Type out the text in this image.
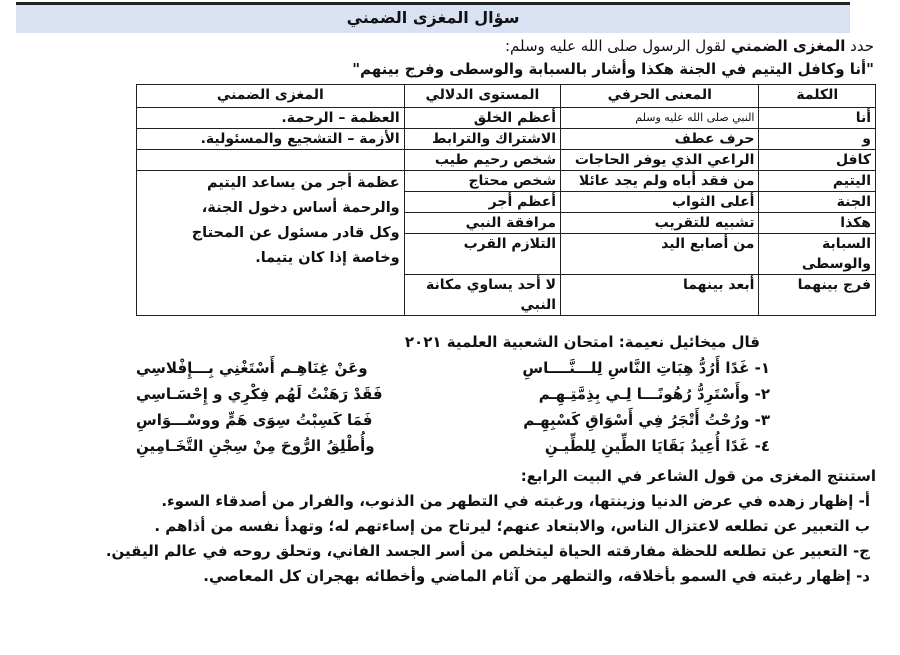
سؤال المغزى الضمني
حدد المغزى الضمني لقول الرسول صلى الله عليه وسلم:
"أنا وكافل اليتيم في الجنة هكذا وأشار بالسبابة والوسطى وفرج بينهم"
الكلمة	المعنى الحرفي	المستوى الدلالي	المغزى الضمني
أنا	النبي صلى الله عليه وسلم	أعظم الخلق	العظمة – الرحمة.
و	حرف عطف	الاشتراك والترابط	الأزمة – التشجيع والمسئولية.
كافل	الراعي الذي يوفر الحاجات	شخص رحيم طيب	
اليتيم	من فقد أباه ولم يجد عائلا	شخص محتاج	عظمة أجر من يساعد اليتيم
والرحمة أساس دخول الجنة،
وكل قادر مسئول عن المحتاج
وخاصة إذا كان يتيما.

الجنة	أعلى الثواب	أعظم أجر	
هكذا	تشبيه للتقريب	مرافقة النبي	
السبابة والوسطى	من أصابع اليد	التلازم القرب	
فرج بينهما	أبعد بينهما	لا أحد يساوي مكانة النبي	
قال ميخائيل نعيمة: امتحان الشعبية العلمية ٢٠٢١
١- غَدًا أَرُدُّ هِبَاتِ النَّاسِ لِلـــنَّــــاسِ
وعَنْ غِنَاهِـم أَسْتَغْنِي بِـــإِفْلاسِي
٢- وأَسْتَرِدُّ رُهُونًـــا لِـي بِذِمَّتِـهِـم
فَقَدْ رَهَنْتُ لَهُم فِكْرِي و إِحْسَـاسِي
٣- ورُحْتُ أَتْجَرُ فِي أَسْوَاقِ كَسْبِهِـم
فَمَا كَسِبْتُ سِوَى هَمٍّ ووسْـــوَاسِ
٤- غَدًا أُعِيدُ بَقَايَا الطِّينِ لِلطِّيـنِ
وأُطْلِقُ الرُّوحَ مِنْ سِجْنِ التَّخَـامِينِ
استنتج المغزى من قول الشاعر في البيت الرابع:
أ- إظهار زهده في عرض الدنيا وزينتها، ورغبته في التطهر من الذنوب، والفرار من أصدقاء السوء.
ب التعبير عن تطلعه لاعتزال الناس، والابتعاد عنهم؛ ليرتاح من إساءتهم له؛ وتهدأ نفسه من أذاهم .
ج- التعبير عن تطلعه للحظة مفارقته الحياة ليتخلص من أسر الجسد الفاني، وتحلق روحه في عالم اليقين.
د- إظهار رغبته في السمو بأخلاقه، والتطهر من آثام الماضي وأخطائه بهجران كل المعاصي.
